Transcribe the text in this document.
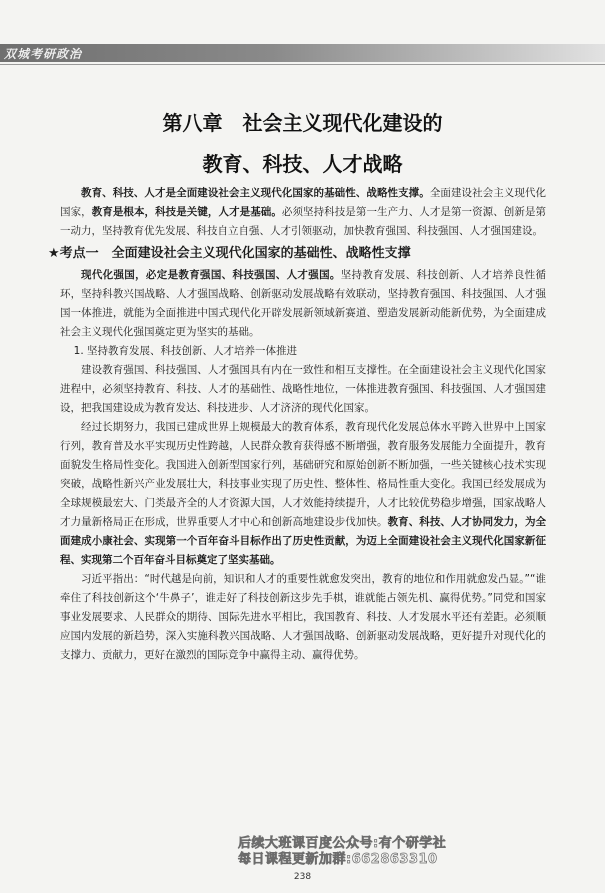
双城考研政治
第八章　社会主义现代化建设的
教育、科技、人才战略

教育、科技、人才是全面建设社会主义现代化国家的基础性、战略性支撑。全面建设社会主义现代化国家，教育是根本，科技是关键，人才是基础。必须坚持科技是第一生产力、人才是第一资源、创新是第一动力，坚持教育优先发展、科技自立自强、人才引领驱动，加快教育强国、科技强国、人才强国建设。

★考点一　全面建设社会主义现代化国家的基础性、战略性支撑

现代化强国，必定是教育强国、科技强国、人才强国。坚持教育发展、科技创新、人才培养良性循环，坚持科教兴国战略、人才强国战略、创新驱动发展战略有效联动，坚持教育强国、科技强国、人才强国一体推进，就能为全面推进中国式现代化开辟发展新领域新赛道、塑造发展新动能新优势，为全面建成社会主义现代化强国奠定更为坚实的基础。

1. 坚持教育发展、科技创新、人才培养一体推进

建设教育强国、科技强国、人才强国具有内在一致性和相互支撑性。在全面建设社会主义现代化国家进程中，必须坚持教育、科技、人才的基础性、战略性地位，一体推进教育强国、科技强国、人才强国建设，把我国建设成为教育发达、科技进步、人才济济的现代化国家。

经过长期努力，我国已建成世界上规模最大的教育体系，教育现代化发展总体水平跨入世界中上国家行列，教育普及水平实现历史性跨越，人民群众教育获得感不断增强，教育服务发展能力全面提升，教育面貌发生格局性变化。我国进入创新型国家行列，基础研究和原始创新不断加强，一些关键核心技术实现突破，战略性新兴产业发展壮大，科技事业实现了历史性、整体性、格局性重大变化。我国已经发展成为全球规模最宏大、门类最齐全的人才资源大国，人才效能持续提升，人才比较优势稳步增强，国家战略人才力量新格局正在形成，世界重要人才中心和创新高地建设步伐加快。教育、科技、人才协同发力，为全面建成小康社会、实现第一个百年奋斗目标作出了历史性贡献，为迈上全面建设社会主义现代化国家新征程、实现第二个百年奋斗目标奠定了坚实基础。

习近平指出：“时代越是向前，知识和人才的重要性就愈发突出，教育的地位和作用就愈发凸显。”“谁牵住了科技创新这个‘牛鼻子’，谁走好了科技创新这步先手棋，谁就能占领先机、赢得优势。”同党和国家事业发展要求、人民群众的期待、国际先进水平相比，我国教育、科技、人才发展水平还有差距。必须顺应国内发展的新趋势，深入实施科教兴国战略、人才强国战略、创新驱动发展战略，更好提升对现代化的支撑力、贡献力，更好在激烈的国际竞争中赢得主动、赢得优势。

后续大班课百度公众号:有个研学社
每日课程更新加群:662863310
238
